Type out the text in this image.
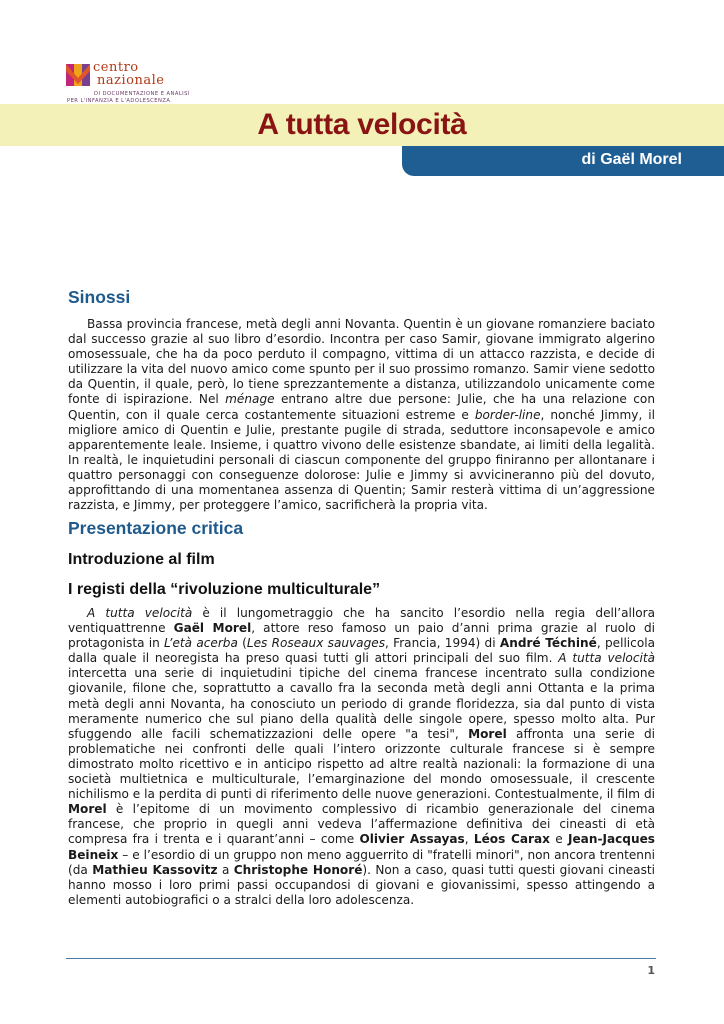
centro
nazionale
DI DOCUMENTAZIONE E ANALISI
PER L'INFANZIA E L'ADOLESCENZA
A tutta velocità
di Gaël Morel
Sinossi
Bassa provincia francese, metà degli anni Novanta. Quentin è un giovane romanziere baciato dal successo grazie al suo libro d’esordio. Incontra per caso Samir, giovane immigrato algerino omosessuale, che ha da poco perduto il compagno, vittima di un attacco razzista, e decide di utilizzare la vita del nuovo amico come spunto per il suo prossimo romanzo. Samir viene sedotto da Quentin, il quale, però, lo tiene sprezzantemente a distanza, utilizzandolo unicamente come fonte di ispirazione. Nel ménage entrano altre due persone: Julie, che ha una relazione con Quentin, con il quale cerca costantemente situazioni estreme e border-line, nonché Jimmy, il migliore amico di Quentin e Julie, prestante pugile di strada, seduttore inconsapevole e amico apparentemente leale. Insieme, i quattro vivono delle esistenze sbandate, ai limiti della legalità. In realtà, le inquietudini personali di ciascun componente del gruppo finiranno per allontanare i quattro personaggi con conseguenze dolorose: Julie e Jimmy si avvicineranno più del dovuto, approfittando di una momentanea assenza di Quentin; Samir resterà vittima di un’aggressione razzista, e Jimmy, per proteggere l’amico, sacrificherà la propria vita.
Presentazione critica
Introduzione al film
I registi della “rivoluzione multiculturale”
A tutta velocità è il lungometraggio che ha sancito l’esordio nella regia dell’allora ventiquattrenne Gaël Morel, attore reso famoso un paio d’anni prima grazie al ruolo di protagonista in L’età acerba (Les Roseaux sauvages, Francia, 1994) di André Téchiné, pellicola dalla quale il neoregista ha preso quasi tutti gli attori principali del suo film. A tutta velocità intercetta una serie di inquietudini tipiche del cinema francese incentrato sulla condizione giovanile, filone che, soprattutto a cavallo fra la seconda metà degli anni Ottanta e la prima metà degli anni Novanta, ha conosciuto un periodo di grande floridezza, sia dal punto di vista meramente numerico che sul piano della qualità delle singole opere, spesso molto alta. Pur sfuggendo alle facili schematizzazioni delle opere "a tesi", Morel affronta una serie di problematiche nei confronti delle quali l’intero orizzonte culturale francese si è sempre dimostrato molto ricettivo e in anticipo rispetto ad altre realtà nazionali: la formazione di una società multietnica e multiculturale, l’emarginazione del mondo omosessuale, il crescente nichilismo e la perdita di punti di riferimento delle nuove generazioni. Contestualmente, il film di Morel è l’epitome di un movimento complessivo di ricambio generazionale del cinema francese, che proprio in quegli anni vedeva l’affermazione definitiva dei cineasti di età compresa fra i trenta e i quarant’anni – come Olivier Assayas, Léos Carax e Jean-Jacques Beineix – e l’esordio di un gruppo non meno agguerrito di "fratelli minori", non ancora trentenni (da Mathieu Kassovitz a Christophe Honoré). Non a caso, quasi tutti questi giovani cineasti hanno mosso i loro primi passi occupandosi di giovani e giovanissimi, spesso attingendo a elementi autobiografici o a stralci della loro adolescenza.
1
